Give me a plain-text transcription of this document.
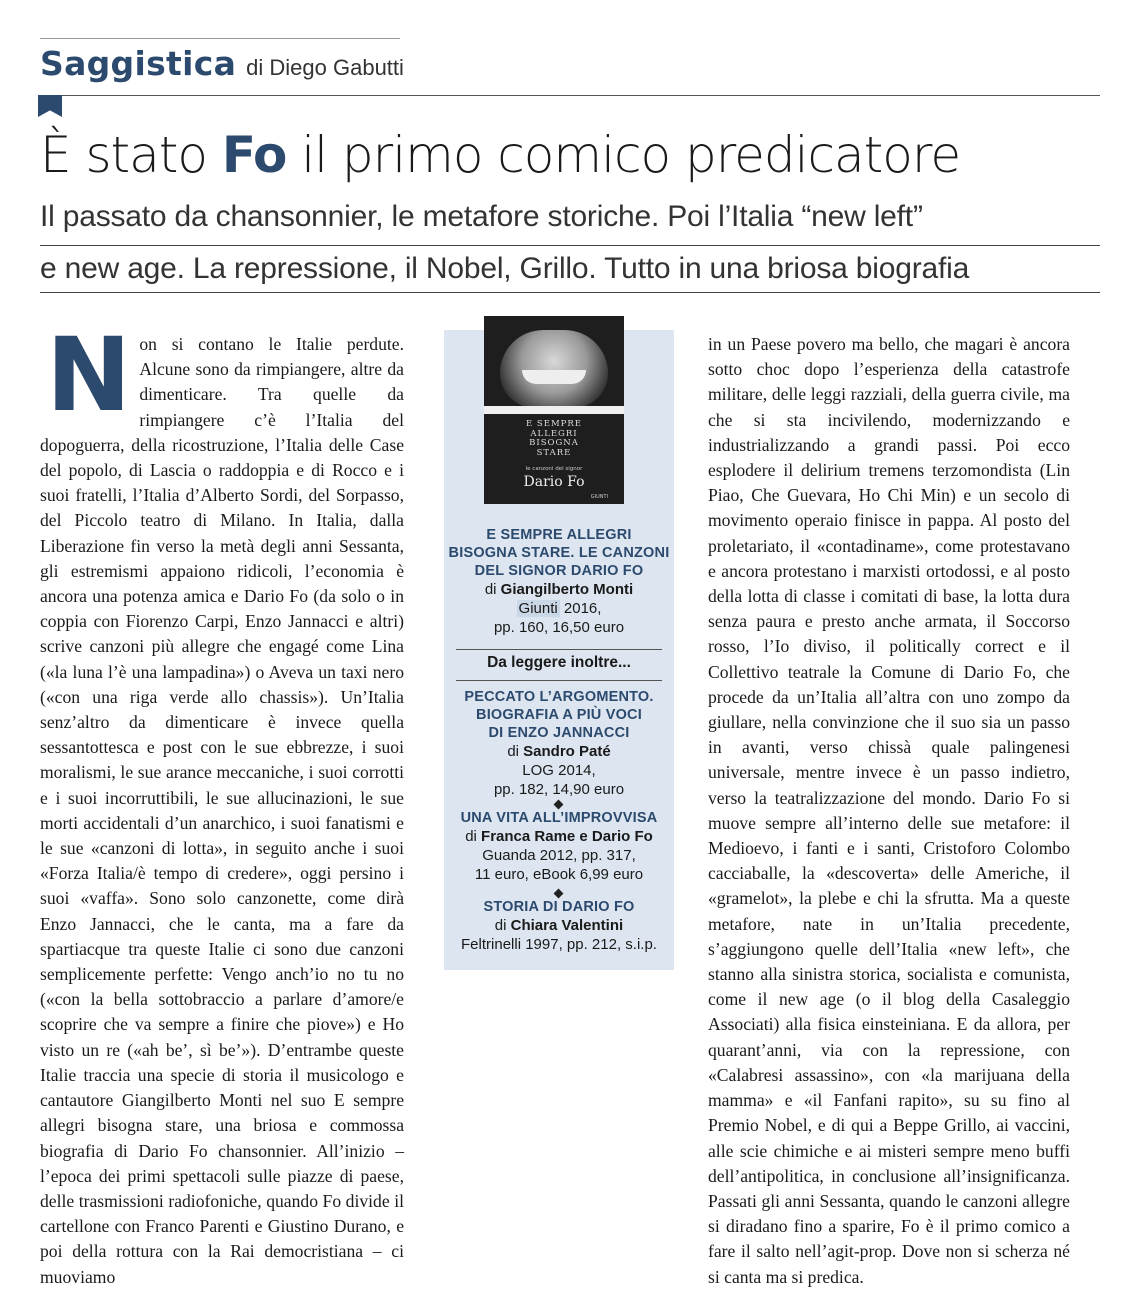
Saggistica di Diego Gabutti
È stato Fo il primo comico predicatore
Il passato da chansonnier, le metafore storiche. Poi l’Italia “new left”
e new age. La repressione, il Nobel, Grillo. Tutto in una briosa biografia
N on si contano le Italie perdute. Alcune sono da rimpiangere, altre da dimenticare. Tra quelle da rimpiangere c’è l’Italia del dopoguerra, della ricostruzione, l’Italia delle Case del popolo, di Lascia o raddoppia e di Rocco e i suoi fratelli, l’Italia d’Alberto Sordi, del Sorpasso, del Piccolo teatro di Milano. In Italia, dalla Liberazione fin verso la metà degli anni Sessanta, gli estremismi appaiono ridicoli, l’economia è ancora una potenza amica e Dario Fo (da solo o in coppia con Fiorenzo Carpi, Enzo Jannacci e altri) scrive canzoni più allegre che engagé come Lina («la luna l’è una lampadina») o Aveva un taxi nero («con una riga verde allo chassis»). Un’Italia senz’altro da dimenticare è invece quella sessantottesca e post con le sue ebbrezze, i suoi moralismi, le sue arance meccaniche, i suoi corrotti e i suoi incorruttibili, le sue allucinazioni, le sue morti accidentali d’un anarchico, i suoi fanatismi e le sue «canzoni di lotta», in seguito anche i suoi «Forza Italia/è tempo di credere», oggi persino i suoi «vaffa». Sono solo canzonette, come dirà Enzo Jannacci, che le canta, ma a fare da spartiacque tra queste Italie ci sono due canzoni semplicemente perfette: Vengo anch’io no tu no («con la bella sottobraccio a parlare d’amore/e scoprire che va sempre a finire che piove») e Ho visto un re («ah be’, sì be’»). D’entrambe queste Italie traccia una specie di storia il musicologo e cantautore Giangilberto Monti nel suo E sempre allegri bisogna stare, una briosa e commossa biografia di Dario Fo chansonnier. All’inizio – l’epoca dei primi spettacoli sulle piazze di paese, delle trasmissioni radiofoniche, quando Fo divide il cartellone con Franco Parenti e Giustino Durano, e poi della rottura con la Rai democristiana – ci muoviamo

E SEMPRE
ALLEGRI
BISOGNA
STARE
le canzoni del signor
Dario Fo
GIUNTI
E SEMPRE ALLEGRI
BISOGNA STARE. LE CANZONI
DEL SIGNOR DARIO FO
di Giangilberto Monti
Giunti 2016,
pp. 160, 16,50 euro
Da leggere inoltre...
PECCATO L’ARGOMENTO.
BIOGRAFIA A PIÙ VOCI
DI ENZO JANNACCI
di Sandro Paté
LOG 2014,
pp. 182, 14,90 euro
UNA VITA ALL’IMPROVVISA
di Franca Rame e Dario Fo
Guanda 2012, pp. 317,
11 euro, eBook 6,99 euro
STORIA DI DARIO FO
di Chiara Valentini
Feltrinelli 1997, pp. 212, s.i.p.

in un Paese povero ma bello, che magari è ancora sotto choc dopo l’esperienza della catastrofe militare, delle leggi razziali, della guerra civile, ma che si sta incivilendo, modernizzando e industrializzando a grandi passi. Poi ecco esplodere il delirium tremens terzomondista (Lin Piao, Che Guevara, Ho Chi Min) e un secolo di movimento operaio finisce in pappa. Al posto del proletariato, il «contadiname», come protestavano e ancora protestano i marxisti ortodossi, e al posto della lotta di classe i comitati di base, la lotta dura senza paura e presto anche armata, il Soccorso rosso, l’Io diviso, il politically correct e il Collettivo teatrale la Comune di Dario Fo, che procede da un’Italia all’altra con uno zompo da giullare, nella convinzione che il suo sia un passo in avanti, verso chissà quale palingenesi universale, mentre invece è un passo indietro, verso la teatralizzazione del mondo. Dario Fo si muove sempre all’interno delle sue metafore: il Medioevo, i fanti e i santi, Cristoforo Colombo cacciaballe, la «descoverta» delle Americhe, il «gramelot», la plebe e chi la sfrutta. Ma a queste metafore, nate in un’Italia precedente, s’aggiungono quelle dell’Italia «new left», che stanno alla sinistra storica, socialista e comunista, come il new age (o il blog della Casaleggio Associati) alla fisica einsteiniana. E da allora, per quarant’anni, via con la repressione, con «Calabresi assassino», con «la marijuana della mamma» e «il Fanfani rapito», su su fino al Premio Nobel, e di qui a Beppe Grillo, ai vaccini, alle scie chimiche e ai misteri sempre meno buffi dell’antipolitica, in conclusione all’insignificanza. Passati gli anni Sessanta, quando le canzoni allegre si diradano fino a sparire, Fo è il primo comico a fare il salto nell’agit-prop. Dove non si scherza né si canta ma si predica.
